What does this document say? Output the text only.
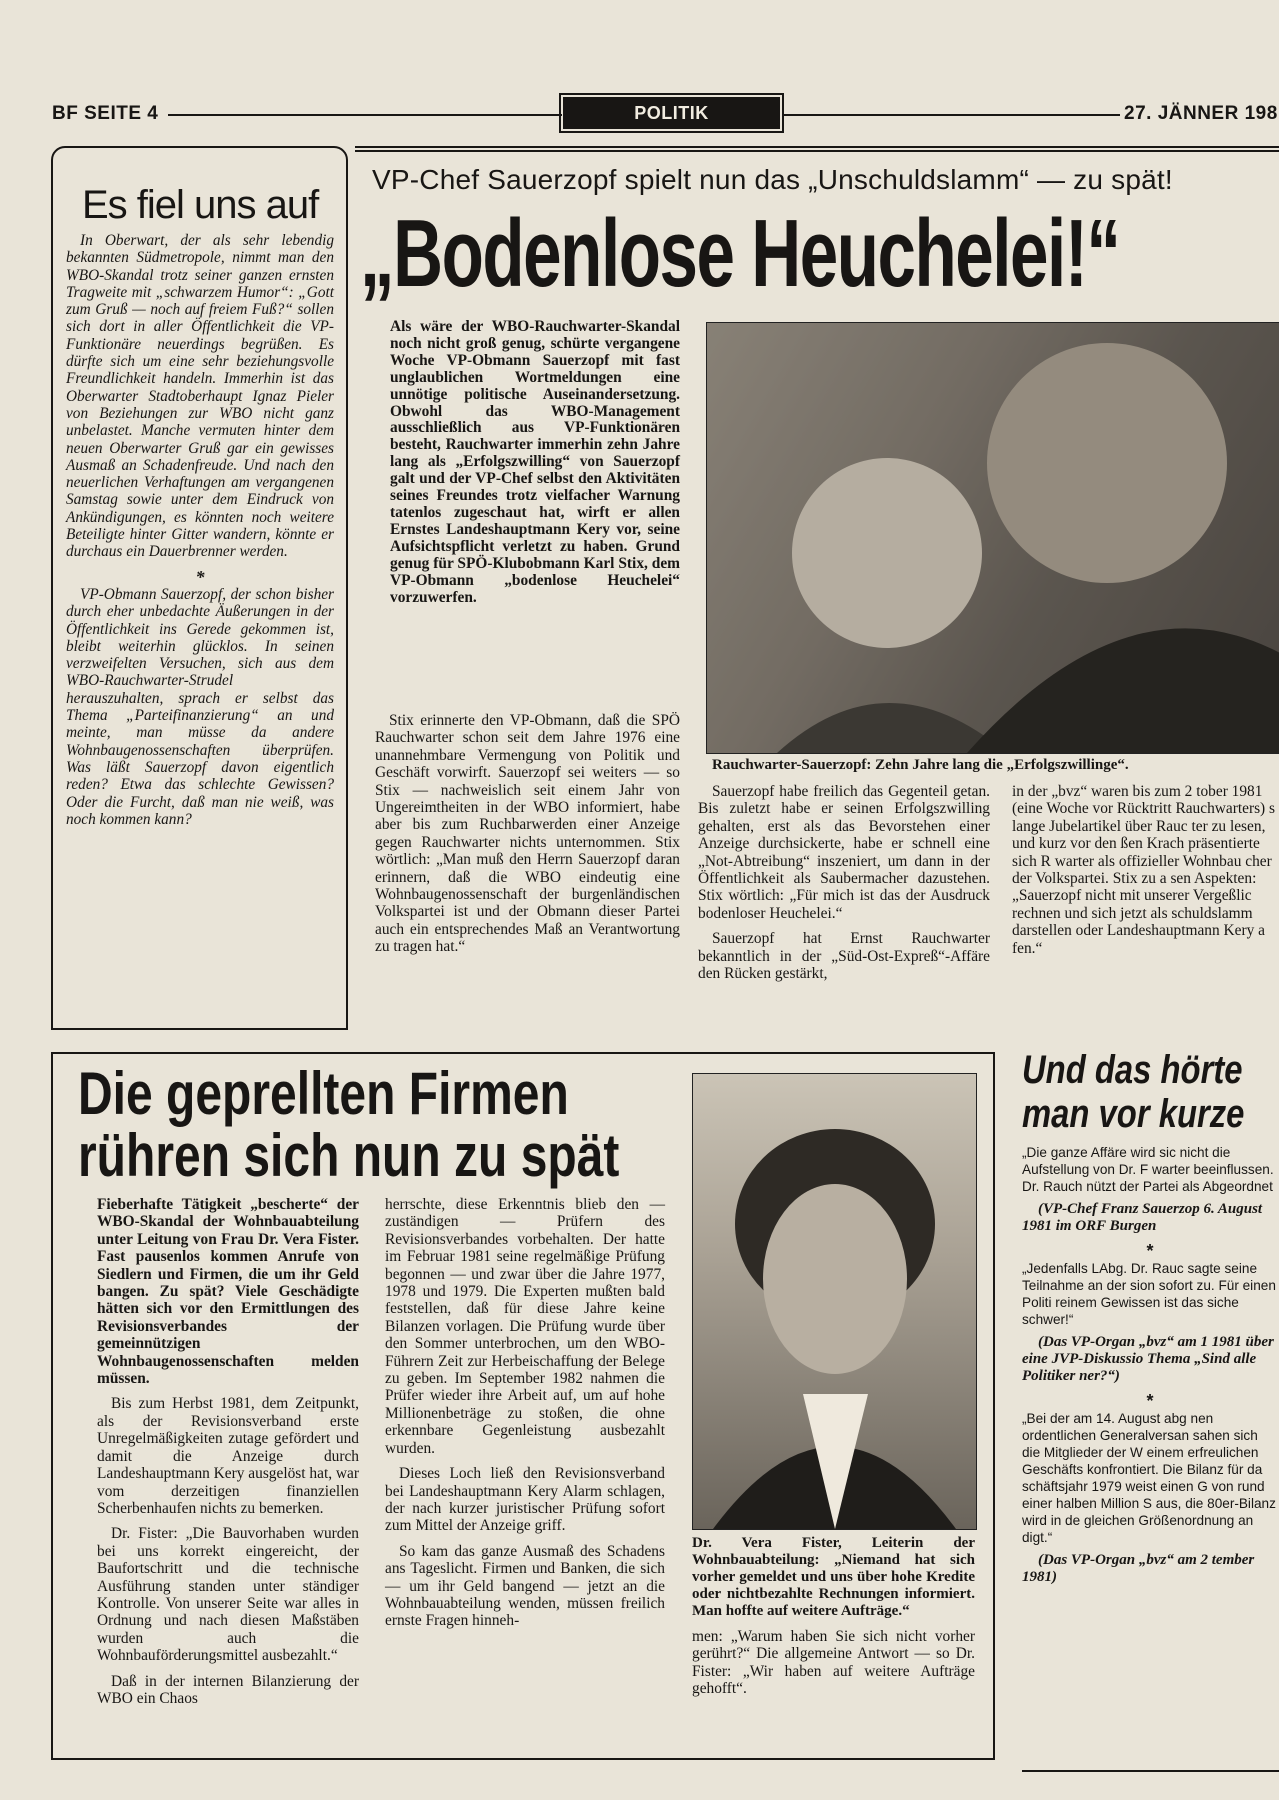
BF SEITE 4	POLITIK	27. JÄNNER 198
Es fiel uns auf

In Oberwart, der als sehr lebendig bekannten Südmetropole, nimmt man den WBO-Skandal trotz seiner ganzen ernsten Tragweite mit „schwarzem Humor“: „Gott zum Gruß — noch auf freiem Fuß?“ sollen sich dort in aller Öffentlichkeit die VP-Funktionäre neuerdings begrüßen. Es dürfte sich um eine sehr beziehungsvolle Freundlichkeit handeln. Immerhin ist das Oberwarter Stadtoberhaupt Ignaz Pieler von Beziehungen zur WBO nicht ganz unbelastet. Manche vermuten hinter dem neuen Oberwarter Gruß gar ein gewisses Ausmaß an Schadenfreude. Und nach den neuerlichen Verhaftungen am vergangenen Samstag sowie unter dem Eindruck von Ankündigungen, es könnten noch weitere Beteiligte hinter Gitter wandern, könnte er durchaus ein Dauerbrenner werden.

*

VP-Obmann Sauerzopf, der schon bisher durch eher unbedachte Äußerungen in der Öffentlichkeit ins Gerede gekommen ist, bleibt weiterhin glücklos. In seinen verzweifelten Versuchen, sich aus dem WBO-Rauchwarter-Strudel herauszuhalten, sprach er selbst das Thema „Parteifinanzierung“ an und meinte, man müsse da andere Wohnbaugenossenschaften überprüfen. Was läßt Sauerzopf davon eigentlich reden? Etwa das schlechte Gewissen? Oder die Furcht, daß man nie weiß, was noch kommen kann?

VP-Chef Sauerzopf spielt nun das „Unschuldslamm“ — zu spät!
„Bodenlose Heuchelei!“

Als wäre der WBO-Rauchwarter-Skandal noch nicht groß genug, schürte vergangene Woche VP-Obmann Sauerzopf mit fast unglaublichen Wortmeldungen eine unnötige politische Auseinandersetzung. Obwohl das WBO-Management ausschließlich aus VP-Funktionären besteht, Rauchwarter immerhin zehn Jahre lang als „Erfolgszwilling“ von Sauerzopf galt und der VP-Chef selbst den Aktivitäten seines Freundes trotz vielfacher Warnung tatenlos zugeschaut hat, wirft er allen Ernstes Landeshauptmann Kery vor, seine Aufsichtspflicht verletzt zu haben. Grund genug für SPÖ-Klubobmann Karl Stix, dem VP-Obmann „bodenlose Heuchelei“ vorzuwerfen.

Stix erinnerte den VP-Obmann, daß die SPÖ Rauchwarter schon seit dem Jahre 1976 eine unannehmbare Vermengung von Politik und Geschäft vorwirft. Sauerzopf sei weiters — so Stix — nachweislich seit einem Jahr von Ungereimtheiten in der WBO informiert, habe aber bis zum Ruchbarwerden einer Anzeige gegen Rauchwarter nichts unternommen. Stix wörtlich: „Man muß den Herrn Sauerzopf daran erinnern, daß die WBO eindeutig eine Wohnbaugenossenschaft der burgenländischen Volkspartei ist und der Obmann dieser Partei auch ein entsprechendes Maß an Verantwortung zu tragen hat.“

Rauchwarter-Sauerzopf: Zehn Jahre lang die „Erfolgszwillinge“.

Sauerzopf habe freilich das Gegenteil getan. Bis zuletzt habe er seinen Erfolgszwilling gehalten, erst als das Bevorstehen einer Anzeige durchsickerte, habe er schnell eine „Not-Abtreibung“ inszeniert, um dann in der Öffentlichkeit als Saubermacher dazustehen. Stix wörtlich: „Für mich ist das der Ausdruck bodenloser Heuchelei.“

Sauerzopf hat Ernst Rauchwarter bekanntlich in der „Süd-Ost-Expreß“-Affäre den Rücken gestärkt,

in der „bvz“ waren bis zum 2 tober 1981 (eine Woche vor Rücktritt Rauchwarters) s lange Jubelartikel über Rauc ter zu lesen, und kurz vor den ßen Krach präsentierte sich R warter als offizieller Wohnbau cher der Volkspartei. Stix zu a sen Aspekten: „Sauerzopf nicht mit unserer Vergeßlic rechnen und sich jetzt als schuldslamm darstellen oder Landeshauptmann Kery a fen.“

Die geprellten Firmen
rühren sich nun zu spät

Fieberhafte Tätigkeit „bescherte“ der WBO-Skandal der Wohnbauabteilung unter Leitung von Frau Dr. Vera Fister. Fast pausenlos kommen Anrufe von Siedlern und Firmen, die um ihr Geld bangen. Zu spät? Viele Geschädigte hätten sich vor den Ermittlungen des Revisionsverbandes der gemeinnützigen Wohnbaugenossenschaften melden müssen.

Bis zum Herbst 1981, dem Zeitpunkt, als der Revisionsverband erste Unregelmäßigkeiten zutage gefördert und damit die Anzeige durch Landeshauptmann Kery ausgelöst hat, war vom derzeitigen finanziellen Scherbenhaufen nichts zu bemerken.

Dr. Fister: „Die Bauvorhaben wurden bei uns korrekt eingereicht, der Baufortschritt und die technische Ausführung standen unter ständiger Kontrolle. Von unserer Seite war alles in Ordnung und nach diesen Maßstäben wurden auch die Wohnbauförderungsmittel ausbezahlt.“

Daß in der internen Bilanzierung der WBO ein Chaos

herrschte, diese Erkenntnis blieb den — zuständigen — Prüfern des Revisionsverbandes vorbehalten. Der hatte im Februar 1981 seine regelmäßige Prüfung begonnen — und zwar über die Jahre 1977, 1978 und 1979. Die Experten mußten bald feststellen, daß für diese Jahre keine Bilanzen vorlagen. Die Prüfung wurde über den Sommer unterbrochen, um den WBO-Führern Zeit zur Herbeischaffung der Belege zu geben. Im September 1982 nahmen die Prüfer wieder ihre Arbeit auf, um auf hohe Millionenbeträge zu stoßen, die ohne erkennbare Gegenleistung ausbezahlt wurden.

Dieses Loch ließ den Revisionsverband bei Landeshauptmann Kery Alarm schlagen, der nach kurzer juristischer Prüfung sofort zum Mittel der Anzeige griff.

So kam das ganze Ausmaß des Schadens ans Tageslicht. Firmen und Banken, die sich — um ihr Geld bangend — jetzt an die Wohnbauabteilung wenden, müssen freilich ernste Fragen hinneh-

Dr. Vera Fister, Leiterin der Wohnbauabteilung: „Niemand hat sich vorher gemeldet und uns über hohe Kredite oder nichtbezahlte Rechnungen informiert. Man hoffte auf weitere Aufträge.“

men: „Warum haben Sie sich nicht vorher gerührt?“ Die allgemeine Antwort — so Dr. Fister: „Wir haben auf weitere Aufträge gehofft“.

Und das hörte
man vor kurze

„Die ganze Affäre wird sic nicht die Aufstellung von Dr. F warter beeinflussen. Dr. Rauch nützt der Partei als Abgeordnet

(VP-Chef Franz Sauerzop 6. August 1981 im ORF Burgen

*

„Jedenfalls LAbg. Dr. Rauc sagte seine Teilnahme an der sion sofort zu. Für einen Politi reinem Gewissen ist das siche schwer!“

(Das VP-Organ „bvz“ am 1 1981 über eine JVP-Diskussio Thema „Sind alle Politiker ner?“)

*

„Bei der am 14. August abg nen ordentlichen Generalversan sahen sich die Mitglieder der W einem erfreulichen Geschäfts konfrontiert. Die Bilanz für da schäftsjahr 1979 weist einen G von rund einer halben Million S aus, die 80er-Bilanz wird in de gleichen Größenordnung an digt.“

(Das VP-Organ „bvz“ am 2 tember 1981)
